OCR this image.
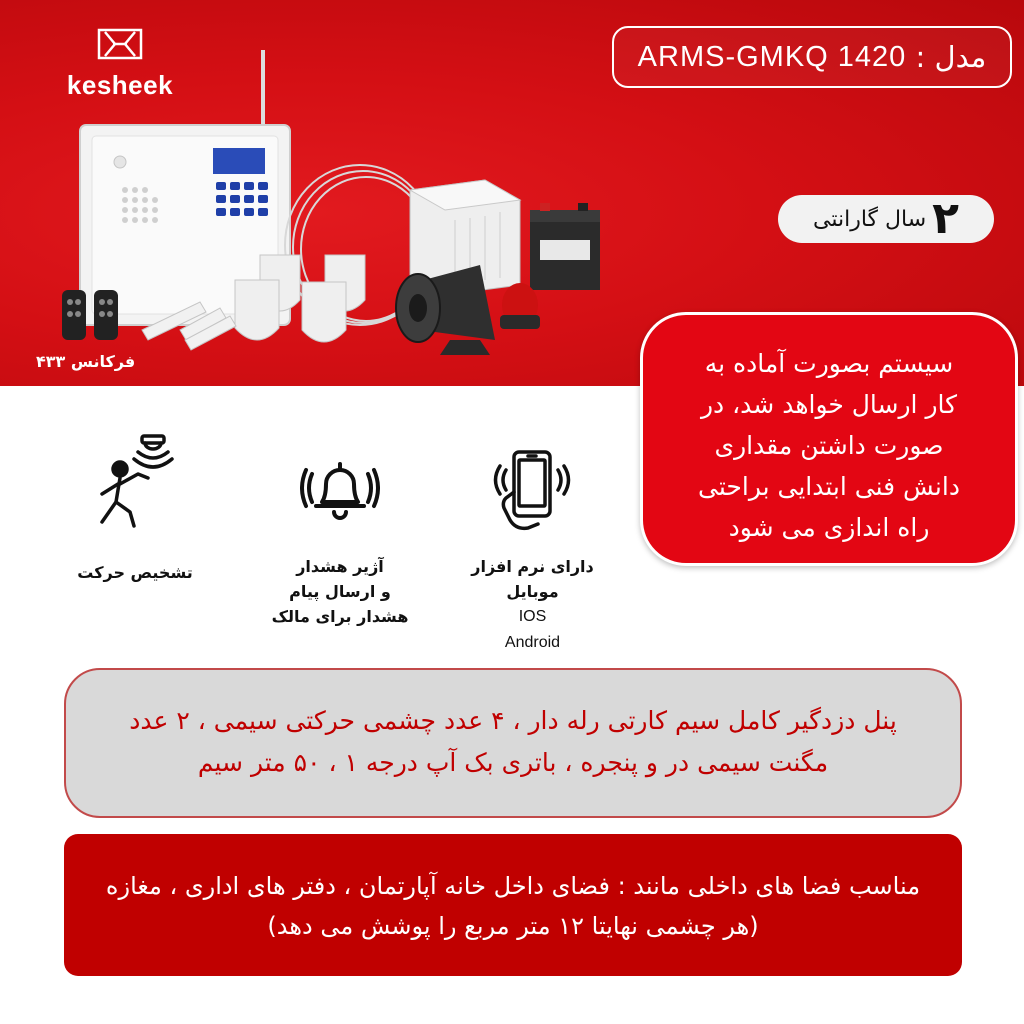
kesheek
فرکانس ۴۳۳
مدل :

ARMS-GMKQ 1420
۲
سال گارانتی
سیستم بصورت آماده به
کار ارسال خواهد شد، در
صورت داشتن مقداری
دانش فنی ابتدایی براحتی
راه اندازی می شود
تشخیص حرکت	آژیر هشدار
و ارسال پیام
هشدار برای مالک
دارای نرم افزار
موبایل
IOS
Android
پنل دزدگیر کامل سیم کارتی رله دار ، ۴ عدد چشمی حرکتی سیمی ، ۲ عدد مگنت سیمی در و پنجره ، باتری بک آپ درجه ۱ ، ۵۰ متر سیم
مناسب فضا های داخلی مانند : فضای داخل خانه آپارتمان ، دفتر های اداری ، مغازه (هر چشمی نهایتا ۱۲ متر مربع را پوشش می دهد)
